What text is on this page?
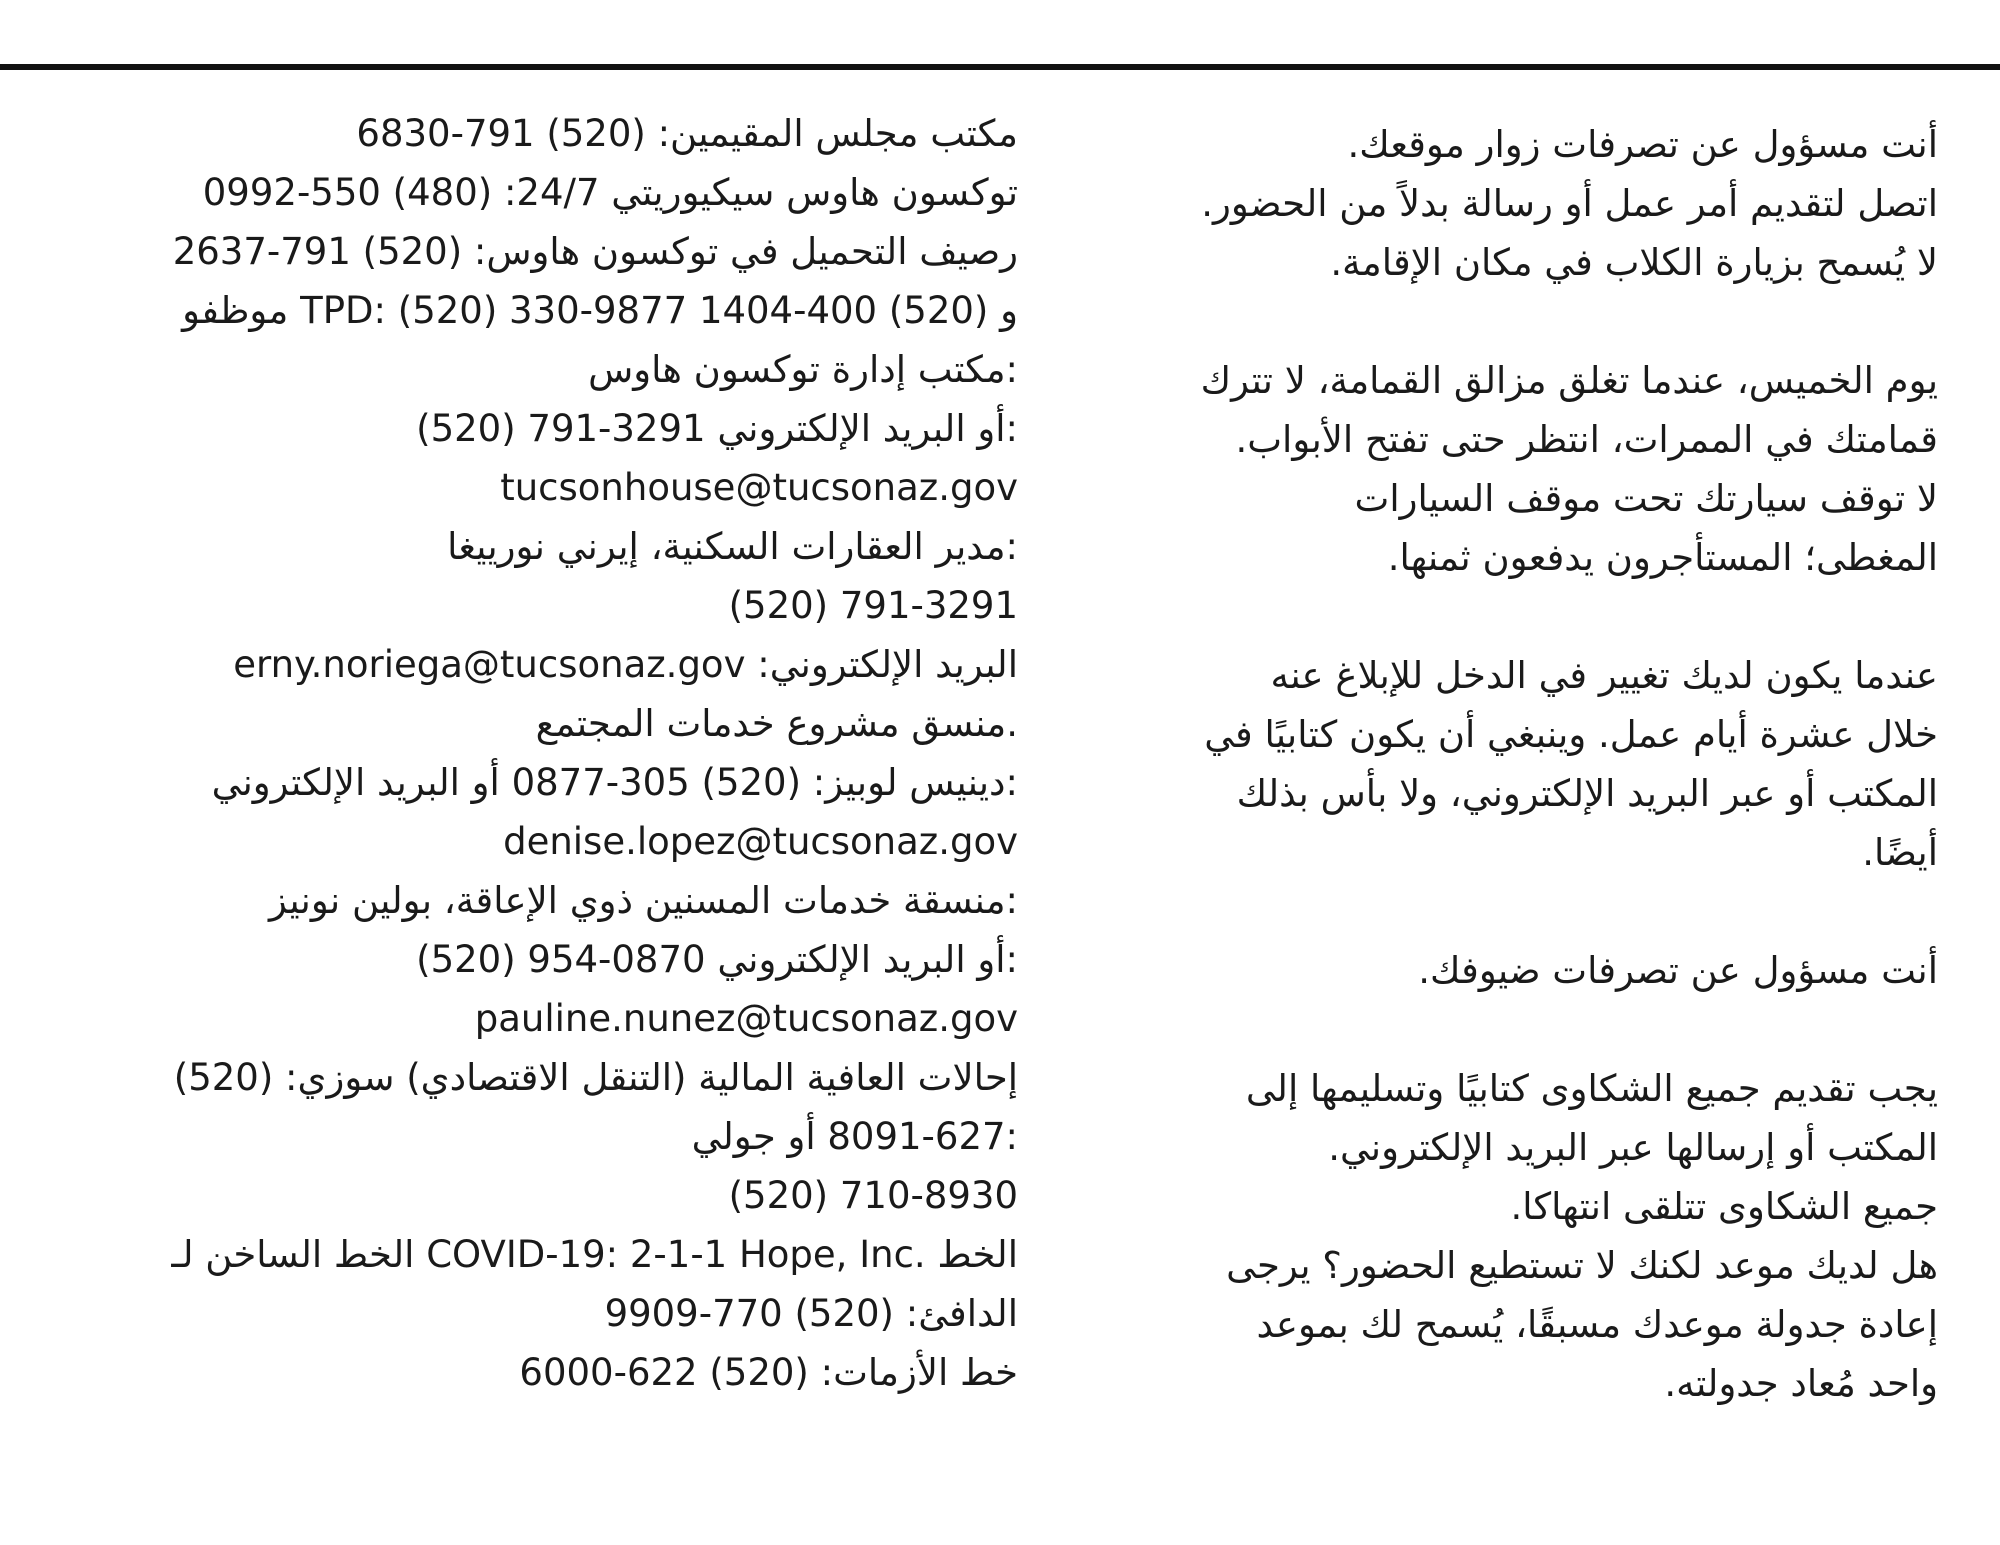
أنت مسؤول عن تصرفات زوار موقعك.
اتصل لتقديم أمر عمل أو رسالة بدلاً من الحضور.
لا يُسمح بزيارة الكلاب في مكان الإقامة.
يوم الخميس، عندما تغلق مزالق القمامة، لا تترك
قمامتك في الممرات، انتظر حتى تفتح الأبواب.
لا توقف سيارتك تحت موقف السيارات
المغطى؛ المستأجرون يدفعون ثمنها.
عندما يكون لديك تغيير في الدخل للإبلاغ عنه
خلال عشرة أيام عمل. وينبغي أن يكون كتابيًا في
المكتب أو عبر البريد الإلكتروني، ولا بأس بذلك
أيضًا.
أنت مسؤول عن تصرفات ضيوفك.
يجب تقديم جميع الشكاوى كتابيًا وتسليمها إلى
المكتب أو إرسالها عبر البريد الإلكتروني.
جميع الشكاوى تتلقى انتهاكا.
هل لديك موعد لكنك لا تستطيع الحضور؟ يرجى
إعادة جدولة موعدك مسبقًا، يُسمح لك بموعد
واحد مُعاد جدولته.
مكتب مجلس المقيمين: (520) 791-6830
توكسون هاوس سيكيوريتي 24/7: (480) 550-0992
رصيف التحميل في توكسون هاوس: (520) 791-2637
و (520) 400-1404 9877-330 (520) :TPD موظفو
:مكتب إدارة توكسون هاوس
:أو البريد الإلكتروني 3291-791 (520)
tucsonhouse@tucsonaz.gov
:مدير العقارات السكنية، إيرني نورييغا
(520) 791-3291
erny.noriega@tucsonaz.gov :البريد الإلكتروني
.منسق مشروع خدمات المجتمع
:دينيس لوبيز: (520) 305-0877 أو البريد الإلكتروني
denise.lopez@tucsonaz.gov
:منسقة خدمات المسنين ذوي الإعاقة، بولين نونيز
:أو البريد الإلكتروني 0870-954 (520)
pauline.nunez@tucsonaz.gov
إحالات العافية المالية (التنقل الاقتصادي) سوزي: (520)
:8091-627 أو جولي
(520) 710-8930
الخط .COVID-19: 2-1-1 Hope, Inc الخط الساخن لـ
الدافئ: (520) 770-9909
خط الأزمات: (520) 622-6000
